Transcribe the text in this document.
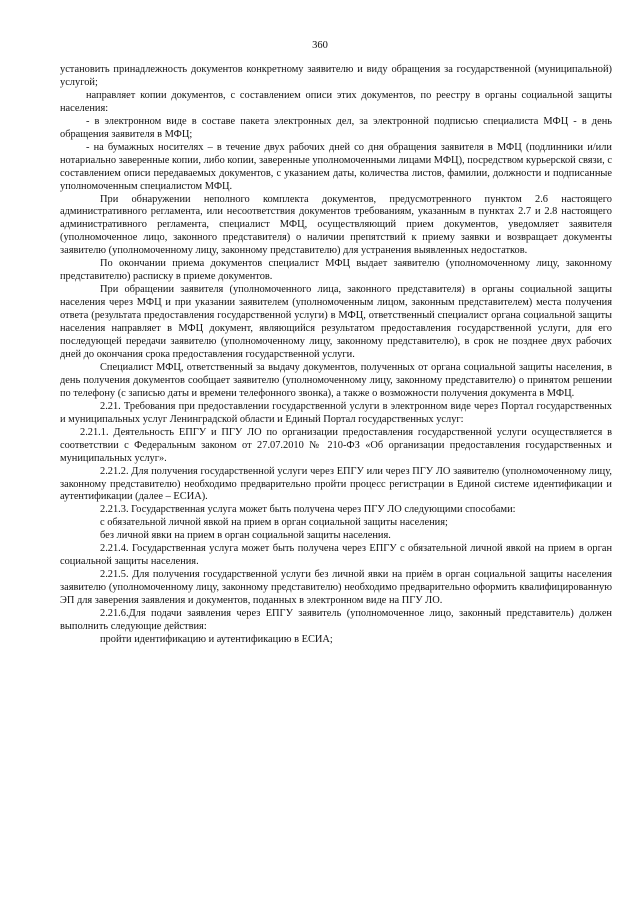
360

установить принадлежность документов конкретному заявителю и виду обращения за государственной (муниципальной) услугой;

направляет копии документов, с составлением описи этих документов, по реестру в органы социальной защиты населения:

- в электронном виде в составе пакета электронных дел, за электронной подписью специалиста МФЦ - в день обращения заявителя в МФЦ;

- на бумажных носителях – в течение двух рабочих дней со дня обращения заявителя в МФЦ (подлинники и/или нотариально заверенные копии, либо копии, заверенные уполномоченными лицами МФЦ), посредством курьерской связи, с составлением описи передаваемых документов, с указанием даты, количества листов, фамилии, должности и подписанные уполномоченным специалистом МФЦ.

При обнаружении неполного комплекта документов, предусмотренного пунктом 2.6 настоящего административного регламента, или несоответствия документов требованиям, указанным в пунктах 2.7 и 2.8 настоящего административного регламента, специалист МФЦ, осуществляющий прием документов, уведомляет заявителя (уполномоченное лицо, законного представителя) о наличии препятствий к приему заявки и возвращает документы заявителю (уполномоченному лицу, законному представителю) для устранения выявленных недостатков.

По окончании приема документов специалист МФЦ выдает заявителю (уполномоченному лицу, законному представителю) расписку в приеме документов.

При обращении заявителя (уполномоченного лица, законного представителя) в органы социальной защиты населения через МФЦ и при указании заявителем (уполномоченным лицом, законным представителем) места получения ответа (результата предоставления государственной услуги) в МФЦ, ответственный специалист органа социальной защиты населения направляет в МФЦ документ, являющийся результатом предоставления государственной услуги, для его последующей передачи заявителю (уполномоченному лицу, законному представителю), в срок не позднее двух рабочих дней до окончания срока предоставления государственной услуги.

Специалист МФЦ, ответственный за выдачу документов, полученных от органа социальной защиты населения, в день получения документов сообщает заявителю (уполномоченному лицу, законному представителю) о принятом решении по телефону (с записью даты и времени телефонного звонка), а также о возможности получения документа в МФЦ.

2.21. Требования при предоставлении государственной услуги в электронном виде через Портал государственных и муниципальных услуг Ленинградской области и Единый Портал государственных услуг:

2.21.1. Деятельность ЕПГУ и ПГУ ЛО по организации предоставления государственной услуги осуществляется в соответствии с Федеральным законом от 27.07.2010 № 210-ФЗ «Об организации предоставления государственных и муниципальных услуг».

2.21.2. Для получения государственной услуги через ЕПГУ или через ПГУ ЛО заявителю (уполномоченному лицу, законному представителю) необходимо предварительно пройти процесс регистрации в Единой системе идентификации и аутентификации (далее – ЕСИА).

2.21.3. Государственная услуга может быть получена через ПГУ ЛО следующими способами:

с обязательной личной явкой на прием в орган социальной защиты населения;

без личной явки на прием в орган социальной защиты населения.

2.21.4. Государственная услуга может быть получена через ЕПГУ с обязательной личной явкой на прием в орган социальной защиты населения.

2.21.5. Для получения государственной услуги без личной явки на приём в орган социальной защиты населения заявителю (уполномоченному лицу, законному представителю) необходимо предварительно оформить квалифицированную ЭП для заверения заявления и документов, поданных в электронном виде на ПГУ ЛО.

2.21.6.Для подачи заявления через ЕПГУ заявитель (уполномоченное лицо, законный представитель) должен выполнить следующие действия:

пройти идентификацию и аутентификацию в ЕСИА;
